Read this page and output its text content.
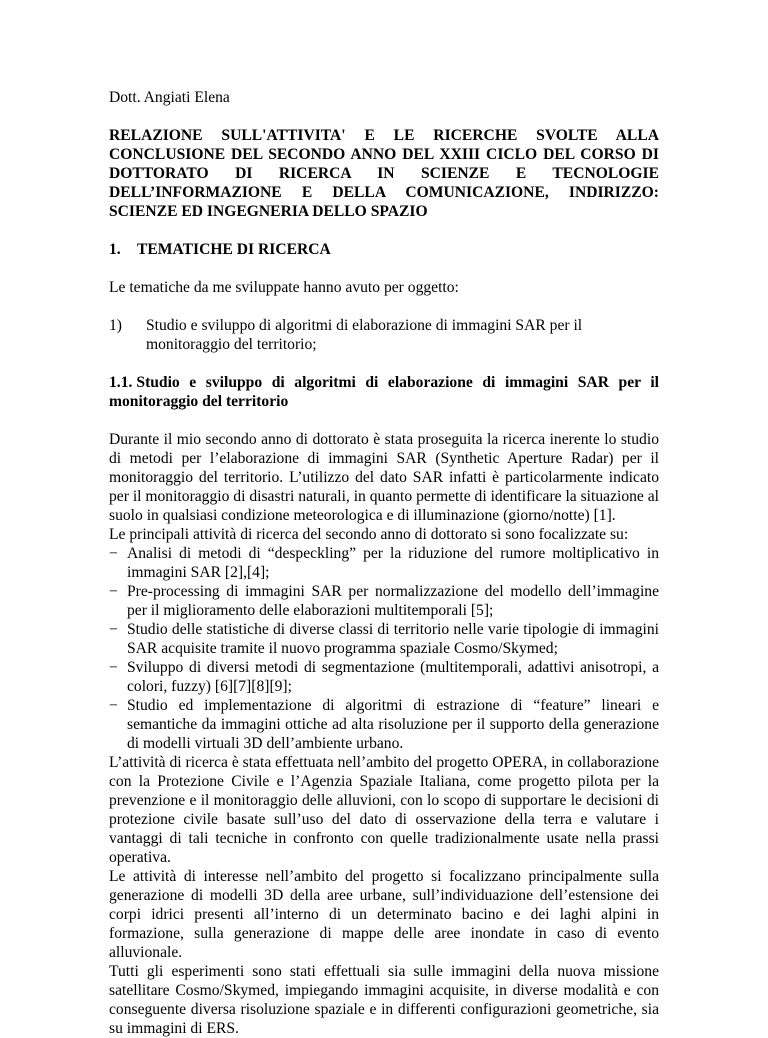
Dott. Angiati Elena

RELAZIONE SULL'ATTIVITA' E LE RICERCHE SVOLTE ALLA CONCLUSIONE DEL SECONDO ANNO DEL XXIII CICLO DEL CORSO DI DOTTORATO DI RICERCA IN SCIENZE E TECNOLOGIE DELL’INFORMAZIONE E DELLA COMUNICAZIONE, INDIRIZZO: SCIENZE ED INGEGNERIA DELLO SPAZIO

1.	TEMATICHE DI RICERCA

Le tematiche da me sviluppate hanno avuto per oggetto:

1)	Studio e sviluppo di algoritmi di elaborazione di immagini SAR per il monitoraggio del territorio;

1.1. Studio e sviluppo di algoritmi di elaborazione di immagini SAR per il monitoraggio del territorio

Durante il mio secondo anno di dottorato è stata proseguita la ricerca inerente lo studio di metodi per l’elaborazione di immagini SAR (Synthetic Aperture Radar) per il monitoraggio del territorio. L’utilizzo del dato SAR infatti è particolarmente indicato per il monitoraggio di disastri naturali, in quanto permette di identificare la situazione al suolo in qualsiasi condizione meteorologica e di illuminazione (giorno/notte) [1].

Le principali attività di ricerca del secondo anno di dottorato si sono focalizzate su:

− Analisi di metodi di “despeckling” per la riduzione del rumore moltiplicativo in immagini SAR [2],[4];
− Pre-processing di immagini SAR per normalizzazione del modello dell’immagine per il miglioramento delle elaborazioni multitemporali [5];
− Studio delle statistiche di diverse classi di territorio nelle varie tipologie di immagini SAR acquisite tramite il nuovo programma spaziale Cosmo/Skymed;
− Sviluppo di diversi metodi di segmentazione (multitemporali, adattivi anisotropi, a colori, fuzzy) [6][7][8][9];
− Studio ed implementazione di algoritmi di estrazione di “feature” lineari e semantiche da immagini ottiche ad alta risoluzione per il supporto della generazione di modelli virtuali 3D dell’ambiente urbano.

L’attività di ricerca è stata effettuata nell’ambito del progetto OPERA, in collaborazione con la Protezione Civile e l’Agenzia Spaziale Italiana, come progetto pilota per la prevenzione e il monitoraggio delle alluvioni, con lo scopo di supportare le decisioni di protezione civile basate sull’uso del dato di osservazione della terra e valutare i vantaggi di tali tecniche in confronto con quelle tradizionalmente usate nella prassi operativa.

Le attività di interesse nell’ambito del progetto si focalizzano principalmente sulla generazione di modelli 3D della aree urbane, sull’individuazione dell’estensione dei corpi idrici presenti all’interno di un determinato bacino e dei laghi alpini in formazione, sulla generazione di mappe delle aree inondate in caso di evento alluvionale.

Tutti gli esperimenti sono stati effettuali sia sulle immagini della nuova missione satellitare Cosmo/Skymed, impiegando immagini acquisite, in diverse modalità e con conseguente diversa risoluzione spaziale e in differenti configurazioni geometriche, sia su immagini di ERS.
